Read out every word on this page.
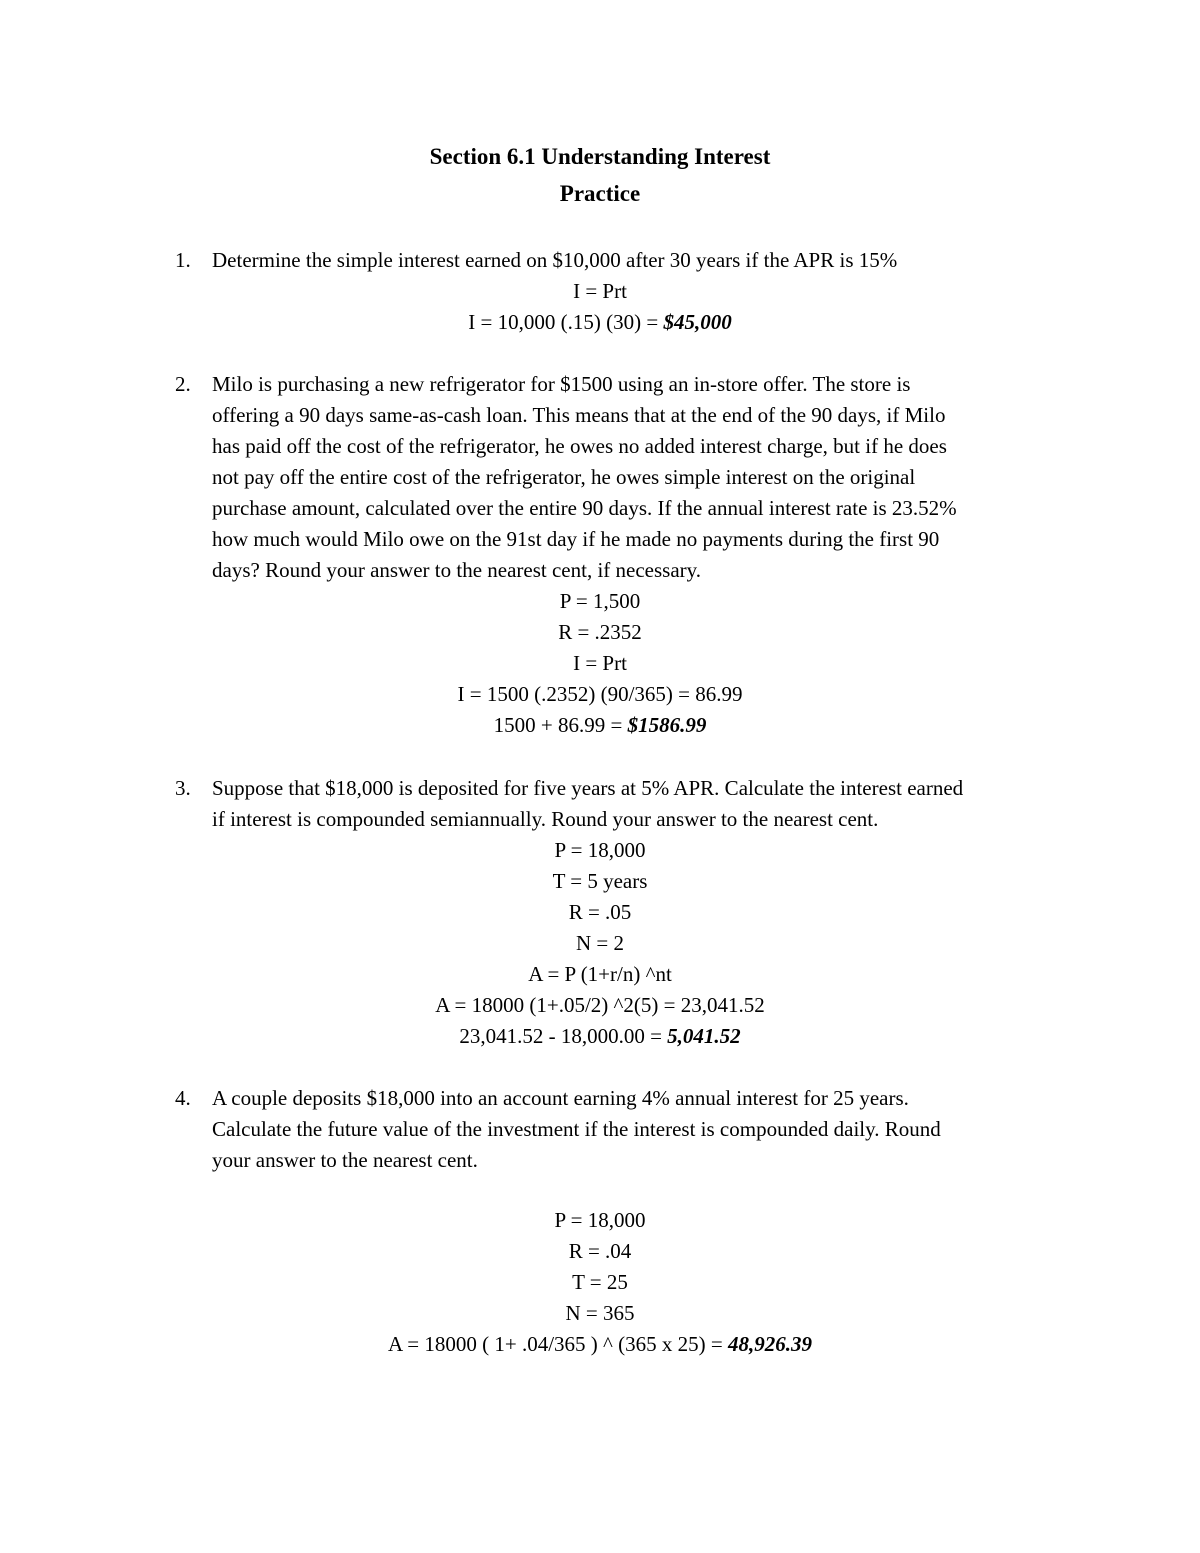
Section 6.1 Understanding Interest
Practice
1. Determine the simple interest earned on $10,000 after 30 years if the APR is 15%
I = Prt
I = 10,000 (.15) (30) = $45,000
2. Milo is purchasing a new refrigerator for $1500 using an in-store offer. The store is
offering a 90 days same-as-cash loan. This means that at the end of the 90 days, if Milo
has paid off the cost of the refrigerator, he owes no added interest charge, but if he does
not pay off the entire cost of the refrigerator, he owes simple interest on the original
purchase amount, calculated over the entire 90 days. If the annual interest rate is 23.52%
how much would Milo owe on the 91st day if he made no payments during the first 90
days? Round your answer to the nearest cent, if necessary.
P = 1,500
R = .2352
I = Prt
I = 1500 (.2352) (90/365) = 86.99
1500 + 86.99 = $1586.99
3. Suppose that $18,000 is deposited for five years at 5% APR. Calculate the interest earned
if interest is compounded semiannually. Round your answer to the nearest cent.
P = 18,000
T = 5 years
R = .05
N = 2
A = P (1+r/n) ^nt
A = 18000 (1+.05/2) ^2(5) = 23,041.52
23,041.52 - 18,000.00 = 5,041.52
4. A couple deposits $18,000 into an account earning 4% annual interest for 25 years.
Calculate the future value of the investment if the interest is compounded daily. Round
your answer to the nearest cent.
P = 18,000
R = .04
T = 25
N = 365
A = 18000 ( 1+ .04/365 ) ^ (365 x 25) = 48,926.39
